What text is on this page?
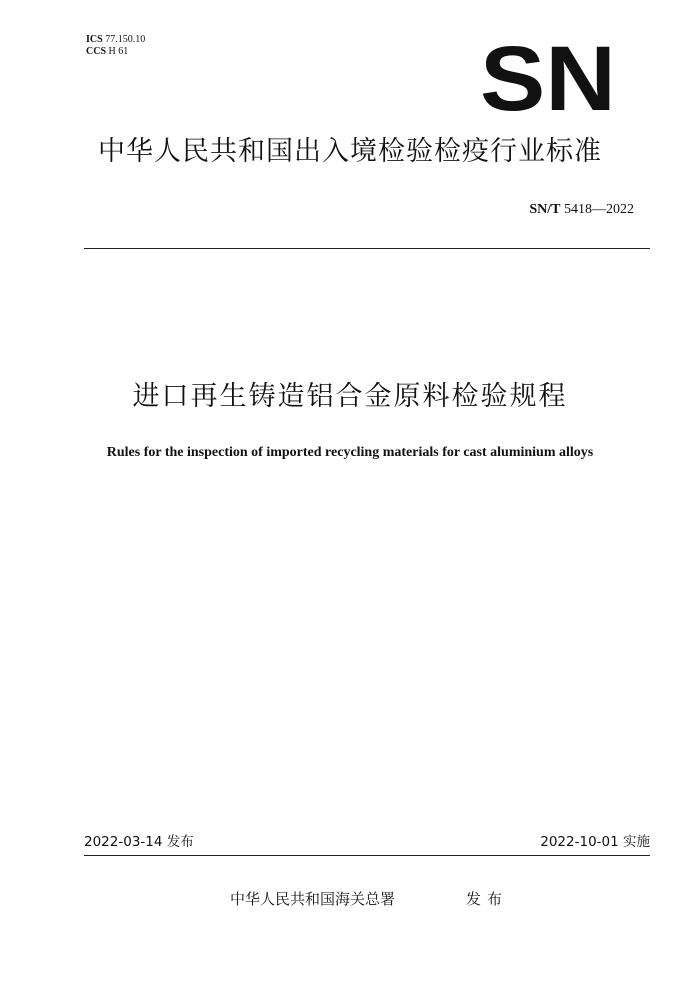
ICS 77.150.10
CCS H 61	SN
中华人民共和国出入境检验检疫行业标准
SN/T 5418—2022
进口再生铸造铝合金原料检验规程
Rules for the inspection of imported recycling materials for cast aluminium alloys
2022-03-14 发布	2022-10-01 实施
中华人民共和国海关总署	发布
